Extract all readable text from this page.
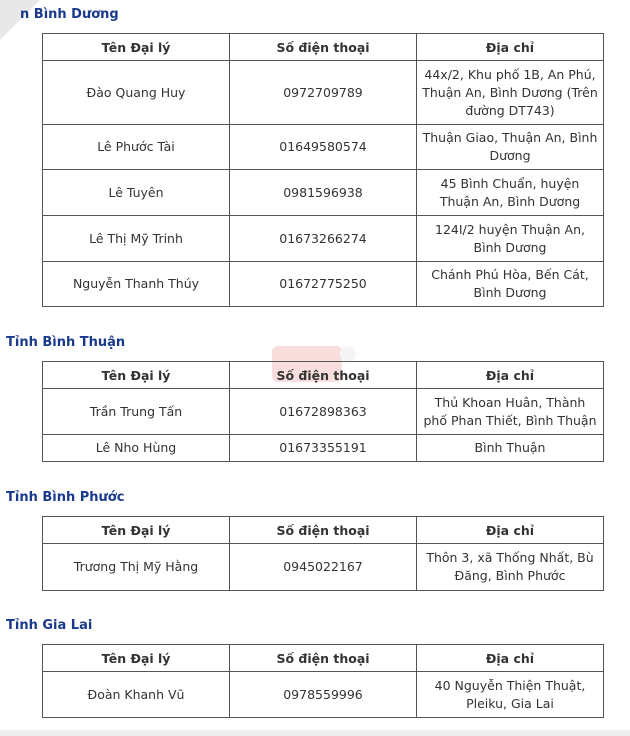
n Bình Dương
Tên Đại lý	Số điện thoại	Địa chỉ
Đào Quang Huy	0972709789	44x/2, Khu phố 1B, An Phú, Thuận An, Bình Dương (Trên đường DT743)
Lê Phước Tài	01649580574	Thuận Giao, Thuận An, Bình Dương
Lê Tuyên	0981596938	45 Bình Chuẩn, huyện Thuận An, Bình Dương
Lê Thị Mỹ Trinh	01673266274	124I/2 huyện Thuận An, Bình Dương
Nguyễn Thanh Thúy	01672775250	Chánh Phú Hòa, Bến Cát, Bình Dương
Tỉnh Bình Thuận
Tên Đại lý	Số điện thoại	Địa chỉ
Trần Trung Tấn	01672898363	Thủ Khoan Huân, Thành phố Phan Thiết, Bình Thuận
Lê Nho Hùng	01673355191	Bình Thuận
Tỉnh Bình Phước
Tên Đại lý	Số điện thoại	Địa chỉ
Trương Thị Mỹ Hằng	0945022167	Thôn 3, xã Thống Nhất, Bù Đăng, Bình Phước
Tỉnh Gia Lai
Tên Đại lý	Số điện thoại	Địa chỉ
Đoàn Khanh Vũ	0978559996	40 Nguyễn Thiện Thuật, Pleiku, Gia Lai
